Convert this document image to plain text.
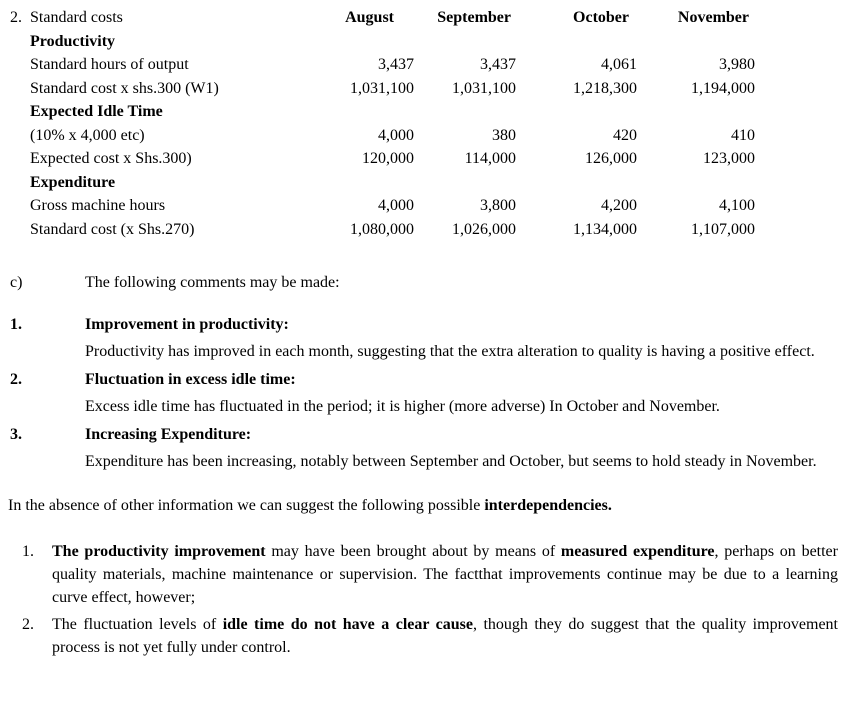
2.  Standard costs	August	September	October	November
Productivity
Standard hours of output	3,437	3,437	4,061	3,980
Standard cost x shs.300 (W1)	1,031,100	1,031,100	1,218,300	1,194,000
Expected Idle Time
(10% x 4,000 etc)	4,000	380	420	410
Expected cost x Shs.300)	120,000	114,000	126,000	123,000
Expenditure
Gross machine hours	4,000	3,800	4,200	4,100
Standard cost (x Shs.270)	1,080,000	1,026,000	1,134,000	1,107,000
c)	The following comments may be made:
1.	Improvement in productivity:
Productivity has improved in each month, suggesting that the extra alteration to quality is having a positive effect.
2.	Fluctuation in excess idle time:
Excess idle time has fluctuated in the period; it is higher (more adverse) In October and November.
3.	Increasing Expenditure:
Expenditure has been increasing, notably between September and October, but seems to hold steady in November.
In the absence of other information we can suggest the following possible interdependencies.
1.	The productivity improvement may have been brought about by means of measured expenditure, perhaps on better quality materials, machine maintenance or supervision. The factthat improvements continue may be due to a learning curve effect, however;
2.	The fluctuation levels of idle time do not have a clear cause, though they do suggest that the quality improvement process is not yet fully under control.
